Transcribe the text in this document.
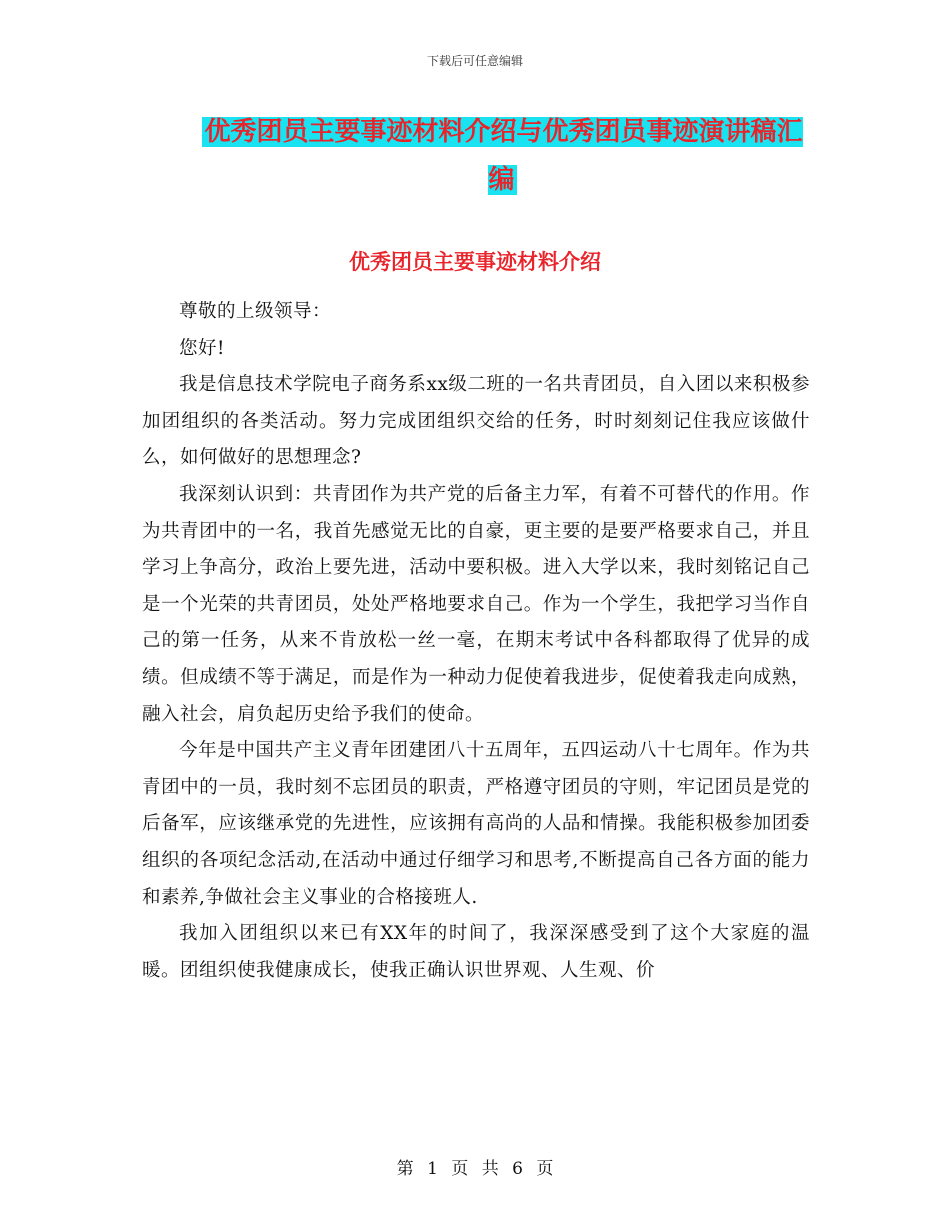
下载后可任意编辑
优秀团员主要事迹材料介绍与优秀团员事迹演讲稿汇编
优秀团员主要事迹材料介绍

尊敬的上级领导：

您好!

我是信息技术学院电子商务系xx级二班的一名共青团员，自入团以来积极参加团组织的各类活动。努力完成团组织交给的任务，时时刻刻记住我应该做什么，如何做好的思想理念?

我深刻认识到：共青团作为共产党的后备主力军，有着不可替代的作用。作为共青团中的一名，我首先感觉无比的自豪，更主要的是要严格要求自己，并且学习上争高分，政治上要先进，活动中要积极。进入大学以来，我时刻铭记自己是一个光荣的共青团员，处处严格地要求自己。作为一个学生，我把学习当作自己的第一任务，从来不肯放松一丝一毫，在期末考试中各科都取得了优异的成绩。但成绩不等于满足，而是作为一种动力促使着我进步，促使着我走向成熟，融入社会，肩负起历史给予我们的使命。

今年是中国共产主义青年团建团八十五周年，五四运动八十七周年。作为共青团中的一员，我时刻不忘团员的职责，严格遵守团员的守则，牢记团员是党的后备军，应该继承党的先进性，应该拥有高尚的人品和情操。我能积极参加团委组织的各项纪念活动,在活动中通过仔细学习和思考,不断提高自己各方面的能力和素养,争做社会主义事业的合格接班人.

我加入团组织以来已有XX年的时间了，我深深感受到了这个大家庭的温暖。团组织使我健康成长，使我正确认识世界观、人生观、价

第 1 页 共 6 页
